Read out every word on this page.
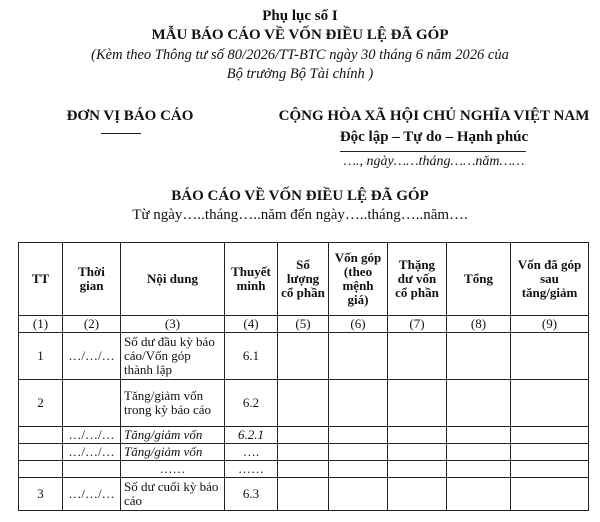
Phụ lục số I
MẪU BÁO CÁO VỀ VỐN ĐIỀU LỆ ĐÃ GÓP
(Kèm theo Thông tư số 80/2026/TT-BTC ngày 30 tháng 6 năm 2026 của
Bộ trưởng Bộ Tài chính )
ĐƠN VỊ BÁO CÁO	CỘNG HÒA XÃ HỘI CHỦ NGHĨA VIỆT NAM
Độc lập – Tự do – Hạnh phúc
…., ngày……tháng……năm……
BÁO CÁO VỀ VỐN ĐIỀU LỆ ĐÃ GÓP
Từ ngày…..tháng…..năm đến ngày…..tháng…..năm….
TT	Thời gian	Nội dung	Thuyết minh	Số lượng cổ phần	Vốn góp (theo mệnh giá)	Thặng dư vốn cổ phần	Tổng	Vốn đã góp sau tăng/giảm
(1)	(2)	(3)	(4)	(5)	(6)	(7)	(8)	(9)
1	…/…/…	Số dư đầu kỳ báo cáo/Vốn góp thành lập	6.1					
2		Tăng/giảm vốn trong kỳ báo cáo	6.2					
	…/…/…	Tăng/giảm vốn	6.2.1					
	…/…/…	Tăng/giảm vốn	….					
		……	……					
3	…/…/…	Số dư cuối kỳ báo cáo	6.3					
